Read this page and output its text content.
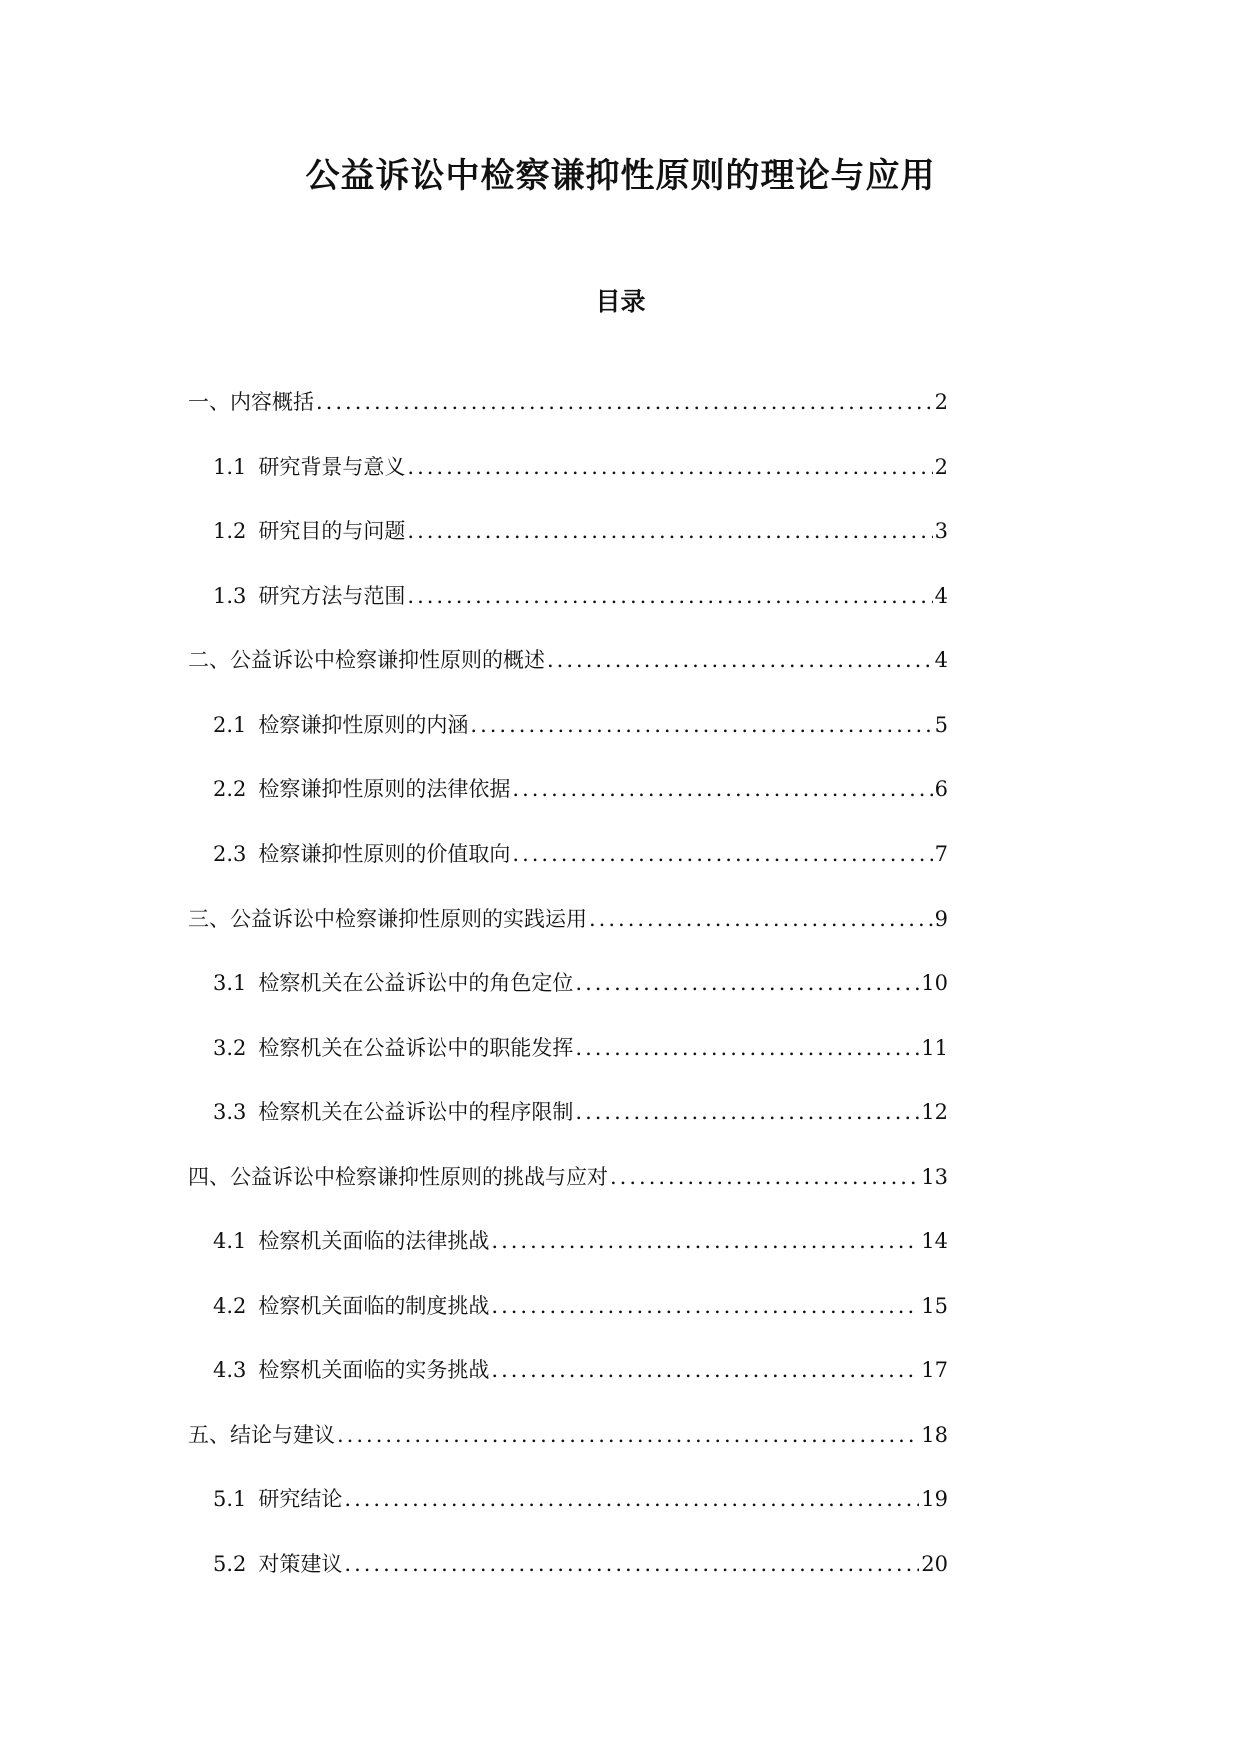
公益诉讼中检察谦抑性原则的理论与应用
目录
一、内容概括 .....	2
1.1 研究背景与意义 .....	2
1.2 研究目的与问题 .....	3
1.3 研究方法与范围 .....	4
二、公益诉讼中检察谦抑性原则的概述 .....	4
2.1 检察谦抑性原则的内涵 .....	5
2.2 检察谦抑性原则的法律依据 .....	6
2.3 检察谦抑性原则的价值取向 .....	7
三、公益诉讼中检察谦抑性原则的实践运用 .....	9
3.1 检察机关在公益诉讼中的角色定位 .....	10
3.2 检察机关在公益诉讼中的职能发挥 .....	11
3.3 检察机关在公益诉讼中的程序限制 .....	12
四、公益诉讼中检察谦抑性原则的挑战与应对 .....	13
4.1 检察机关面临的法律挑战 .....	14
4.2 检察机关面临的制度挑战 .....	15
4.3 检察机关面临的实务挑战 .....	17
五、结论与建议 .....	18
5.1 研究结论 .....	19
5.2 对策建议 .....	20
